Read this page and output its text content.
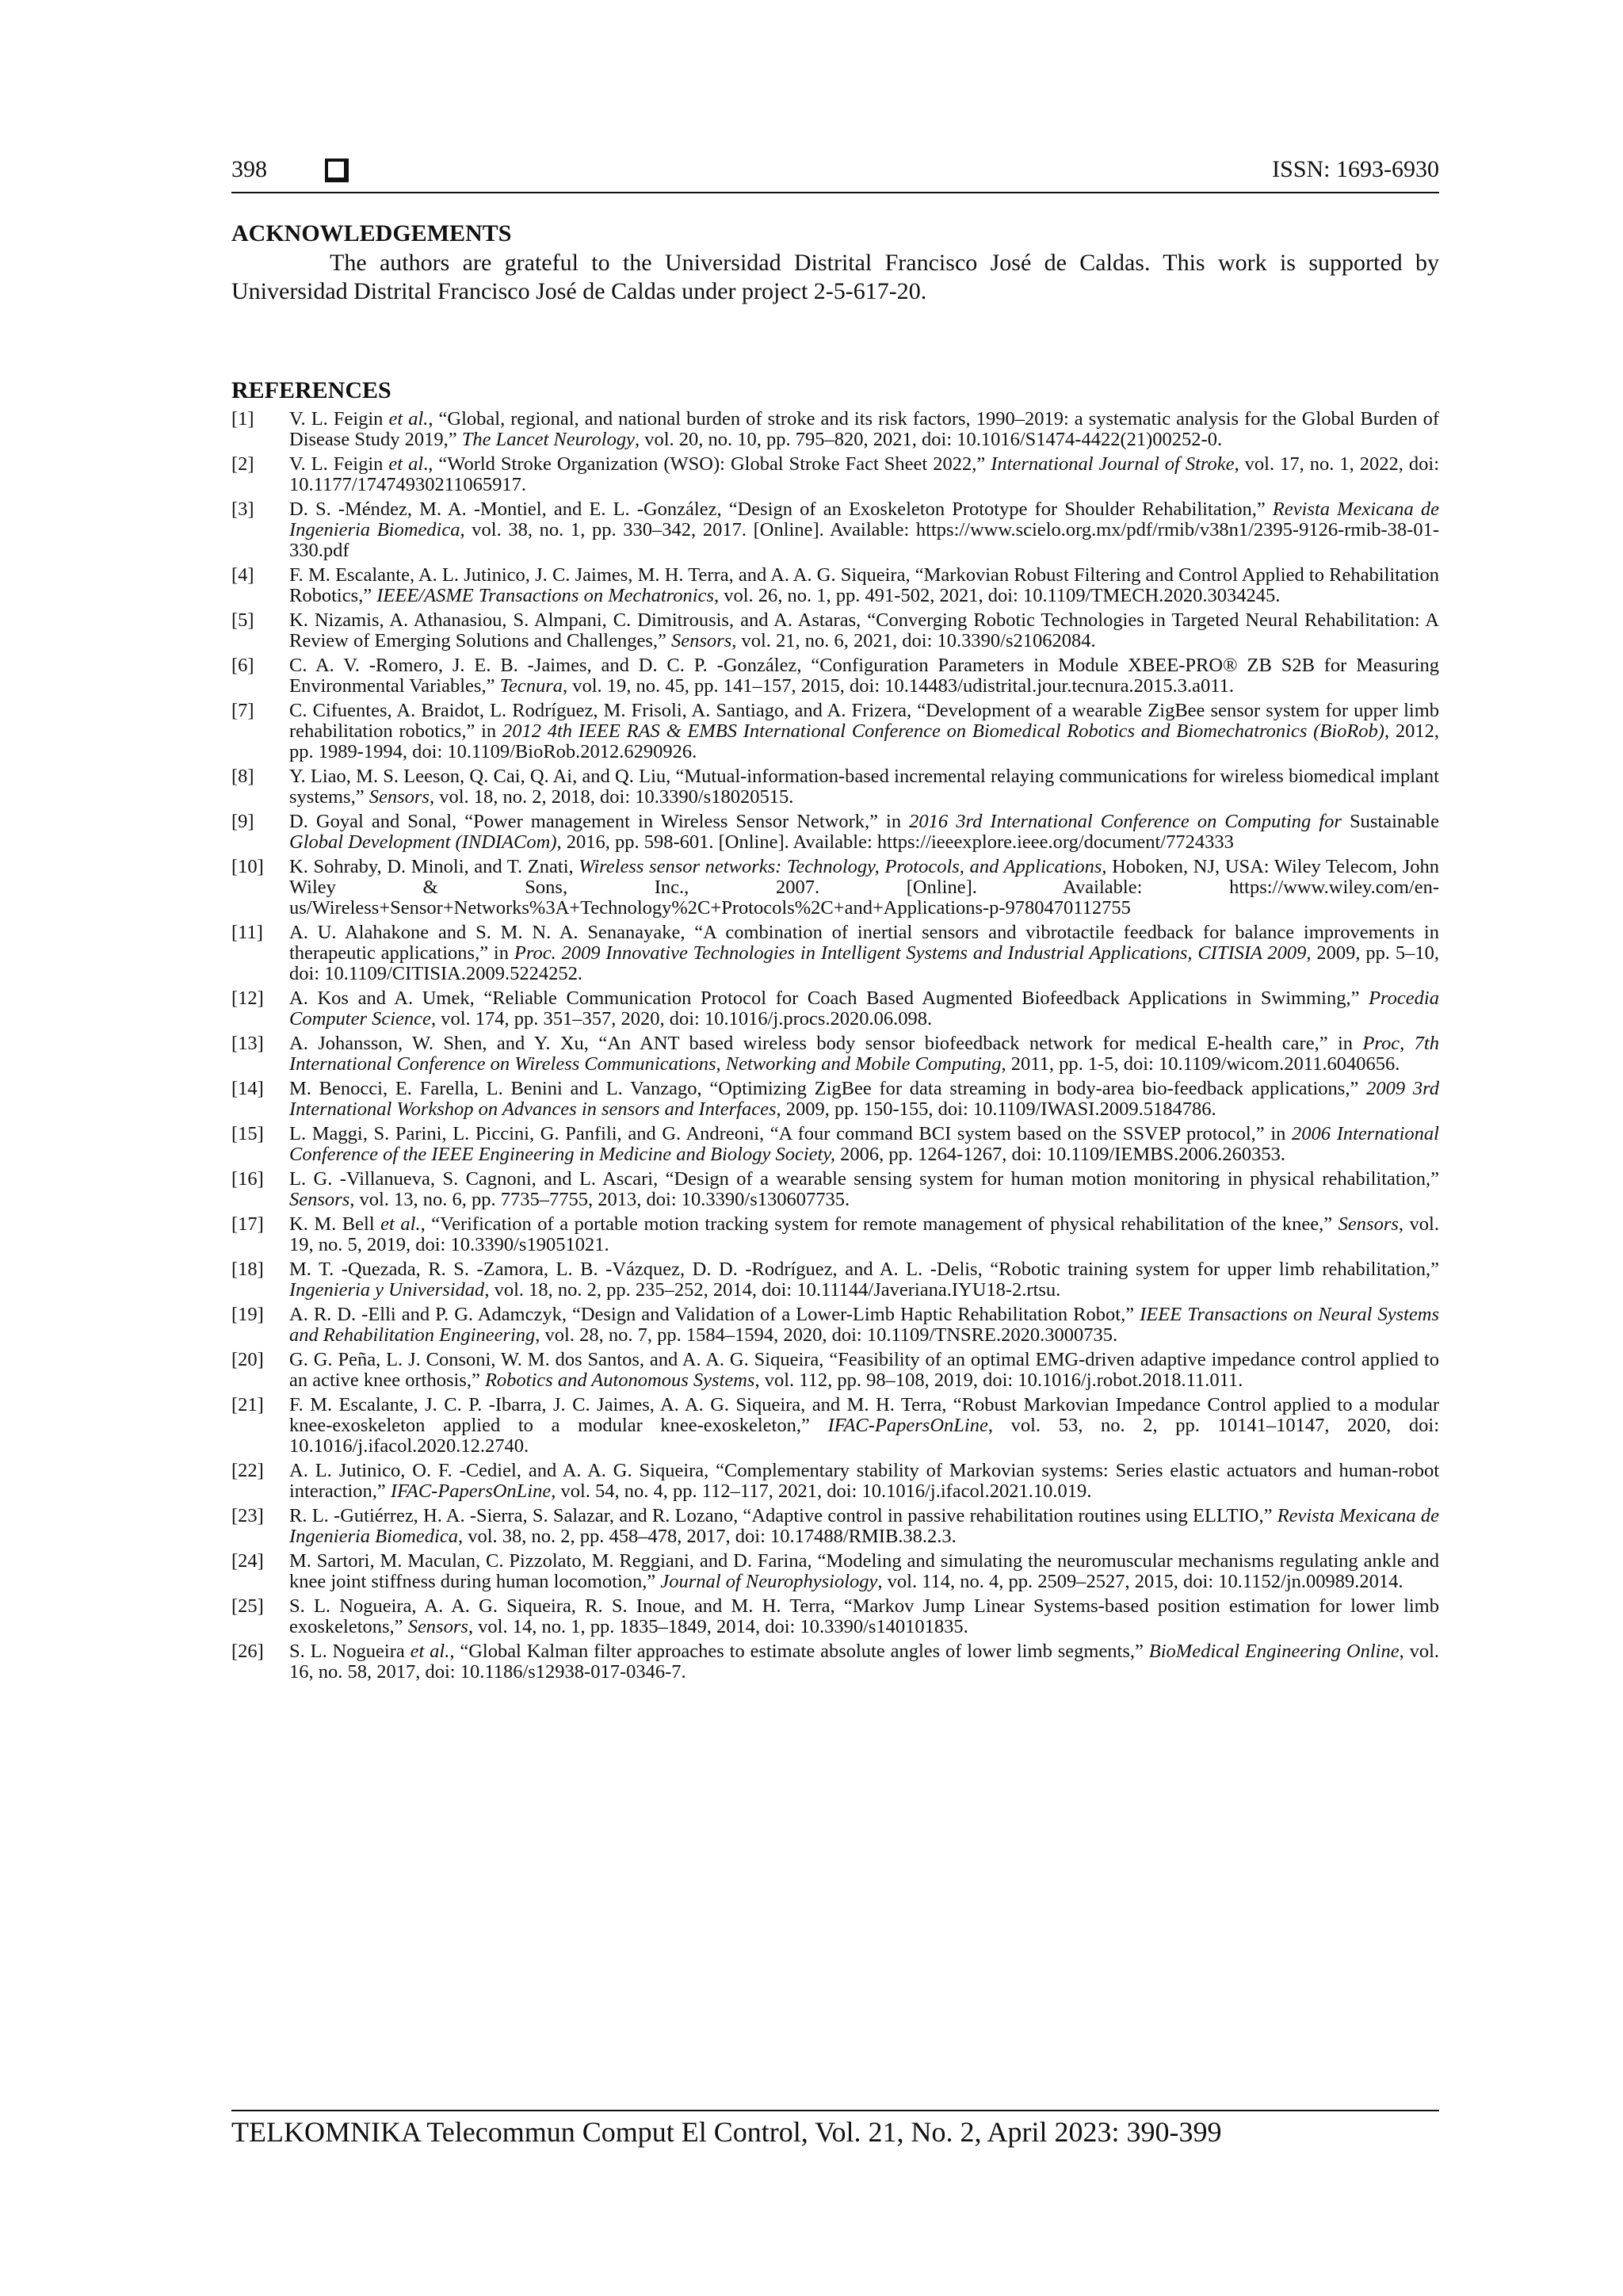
398	ISSN: 1693-6930
ACKNOWLEDGEMENTS

The authors are grateful to the Universidad Distrital Francisco José de Caldas. This work is supported by Universidad Distrital Francisco José de Caldas under project 2-5-617-20.

REFERENCES
[1]	V. L. Feigin et al., “Global, regional, and national burden of stroke and its risk factors, 1990–2019: a systematic analysis for the Global Burden of Disease Study 2019,” The Lancet Neurology, vol. 20, no. 10, pp. 795–820, 2021, doi: 10.1016/S1474-4422(21)00252-0.
[2]	V. L. Feigin et al., “World Stroke Organization (WSO): Global Stroke Fact Sheet 2022,” International Journal of Stroke, vol. 17, no. 1, 2022, doi: 10.1177/17474930211065917.
[3]	D. S. -Méndez, M. A. -Montiel, and E. L. -González, “Design of an Exoskeleton Prototype for Shoulder Rehabilitation,” Revista Mexicana de Ingenieria Biomedica, vol. 38, no. 1, pp. 330–342, 2017. [Online]. Available: https://www.scielo.org.mx/pdf/rmib/v38n1/2395-9126-rmib-38-01-330.pdf
[4]	F. M. Escalante, A. L. Jutinico, J. C. Jaimes, M. H. Terra, and A. A. G. Siqueira, “Markovian Robust Filtering and Control Applied to Rehabilitation Robotics,” IEEE/ASME Transactions on Mechatronics, vol. 26, no. 1, pp. 491-502, 2021, doi: 10.1109/TMECH.2020.3034245.
[5]	K. Nizamis, A. Athanasiou, S. Almpani, C. Dimitrousis, and A. Astaras, “Converging Robotic Technologies in Targeted Neural Rehabilitation: A Review of Emerging Solutions and Challenges,” Sensors, vol. 21, no. 6, 2021, doi: 10.3390/s21062084.
[6]	C. A. V. -Romero, J. E. B. -Jaimes, and D. C. P. -González, “Configuration Parameters in Module XBEE-PRO® ZB S2B for Measuring Environmental Variables,” Tecnura, vol. 19, no. 45, pp. 141–157, 2015, doi: 10.14483/udistrital.jour.tecnura.2015.3.a011.
[7]	C. Cifuentes, A. Braidot, L. Rodríguez, M. Frisoli, A. Santiago, and A. Frizera, “Development of a wearable ZigBee sensor system for upper limb rehabilitation robotics,” in 2012 4th IEEE RAS & EMBS International Conference on Biomedical Robotics and Biomechatronics (BioRob), 2012, pp. 1989-1994, doi: 10.1109/BioRob.2012.6290926.
[8]	Y. Liao, M. S. Leeson, Q. Cai, Q. Ai, and Q. Liu, “Mutual-information-based incremental relaying communications for wireless biomedical implant systems,” Sensors, vol. 18, no. 2, 2018, doi: 10.3390/s18020515.
[9]	D. Goyal and Sonal, “Power management in Wireless Sensor Network,” in 2016 3rd International Conference on Computing for Sustainable Global Development (INDIACom), 2016, pp. 598-601. [Online]. Available: https://ieeexplore.ieee.org/document/7724333
[10]	K. Sohraby, D. Minoli, and T. Znati, Wireless sensor networks: Technology, Protocols, and Applications, Hoboken, NJ, USA: Wiley Telecom, John Wiley & Sons, Inc., 2007. [Online]. Available: https://www.wiley.com/en-us/Wireless+Sensor+Networks%3A+Technology%2C+Protocols%2C+and+Applications-p-9780470112755
[11]	A. U. Alahakone and S. M. N. A. Senanayake, “A combination of inertial sensors and vibrotactile feedback for balance improvements in therapeutic applications,” in Proc. 2009 Innovative Technologies in Intelligent Systems and Industrial Applications, CITISIA 2009, 2009, pp. 5–10, doi: 10.1109/CITISIA.2009.5224252.
[12]	A. Kos and A. Umek, “Reliable Communication Protocol for Coach Based Augmented Biofeedback Applications in Swimming,” Procedia Computer Science, vol. 174, pp. 351–357, 2020, doi: 10.1016/j.procs.2020.06.098.
[13]	A. Johansson, W. Shen, and Y. Xu, “An ANT based wireless body sensor biofeedback network for medical E-health care,” in Proc, 7th International Conference on Wireless Communications, Networking and Mobile Computing, 2011, pp. 1-5, doi: 10.1109/wicom.2011.6040656.
[14]	M. Benocci, E. Farella, L. Benini and L. Vanzago, “Optimizing ZigBee for data streaming in body-area bio-feedback applications,” 2009 3rd International Workshop on Advances in sensors and Interfaces, 2009, pp. 150-155, doi: 10.1109/IWASI.2009.5184786.
[15]	L. Maggi, S. Parini, L. Piccini, G. Panfili, and G. Andreoni, “A four command BCI system based on the SSVEP protocol,” in 2006 International Conference of the IEEE Engineering in Medicine and Biology Society, 2006, pp. 1264-1267, doi: 10.1109/IEMBS.2006.260353.
[16]	L. G. -Villanueva, S. Cagnoni, and L. Ascari, “Design of a wearable sensing system for human motion monitoring in physical rehabilitation,” Sensors, vol. 13, no. 6, pp. 7735–7755, 2013, doi: 10.3390/s130607735.
[17]	K. M. Bell et al., “Verification of a portable motion tracking system for remote management of physical rehabilitation of the knee,” Sensors, vol. 19, no. 5, 2019, doi: 10.3390/s19051021.
[18]	M. T. -Quezada, R. S. -Zamora, L. B. -Vázquez, D. D. -Rodríguez, and A. L. -Delis, “Robotic training system for upper limb rehabilitation,” Ingenieria y Universidad, vol. 18, no. 2, pp. 235–252, 2014, doi: 10.11144/Javeriana.IYU18-2.rtsu.
[19]	A. R. D. -Elli and P. G. Adamczyk, “Design and Validation of a Lower-Limb Haptic Rehabilitation Robot,” IEEE Transactions on Neural Systems and Rehabilitation Engineering, vol. 28, no. 7, pp. 1584–1594, 2020, doi: 10.1109/TNSRE.2020.3000735.
[20]	G. G. Peña, L. J. Consoni, W. M. dos Santos, and A. A. G. Siqueira, “Feasibility of an optimal EMG-driven adaptive impedance control applied to an active knee orthosis,” Robotics and Autonomous Systems, vol. 112, pp. 98–108, 2019, doi: 10.1016/j.robot.2018.11.011.
[21]	F. M. Escalante, J. C. P. -Ibarra, J. C. Jaimes, A. A. G. Siqueira, and M. H. Terra, “Robust Markovian Impedance Control applied to a modular knee-exoskeleton applied to a modular knee-exoskeleton,” IFAC-PapersOnLine, vol. 53, no. 2, pp. 10141–10147, 2020, doi: 10.1016/j.ifacol.2020.12.2740.
[22]	A. L. Jutinico, O. F. -Cediel, and A. A. G. Siqueira, “Complementary stability of Markovian systems: Series elastic actuators and human-robot interaction,” IFAC-PapersOnLine, vol. 54, no. 4, pp. 112–117, 2021, doi: 10.1016/j.ifacol.2021.10.019.
[23]	R. L. -Gutiérrez, H. A. -Sierra, S. Salazar, and R. Lozano, “Adaptive control in passive rehabilitation routines using ELLTIO,” Revista Mexicana de Ingenieria Biomedica, vol. 38, no. 2, pp. 458–478, 2017, doi: 10.17488/RMIB.38.2.3.
[24]	M. Sartori, M. Maculan, C. Pizzolato, M. Reggiani, and D. Farina, “Modeling and simulating the neuromuscular mechanisms regulating ankle and knee joint stiffness during human locomotion,” Journal of Neurophysiology, vol. 114, no. 4, pp. 2509–2527, 2015, doi: 10.1152/jn.00989.2014.
[25]	S. L. Nogueira, A. A. G. Siqueira, R. S. Inoue, and M. H. Terra, “Markov Jump Linear Systems-based position estimation for lower limb exoskeletons,” Sensors, vol. 14, no. 1, pp. 1835–1849, 2014, doi: 10.3390/s140101835.
[26]	S. L. Nogueira et al., “Global Kalman filter approaches to estimate absolute angles of lower limb segments,” BioMedical Engineering Online, vol. 16, no. 58, 2017, doi: 10.1186/s12938-017-0346-7.
TELKOMNIKA Telecommun Comput El Control, Vol. 21, No. 2, April 2023: 390-399
